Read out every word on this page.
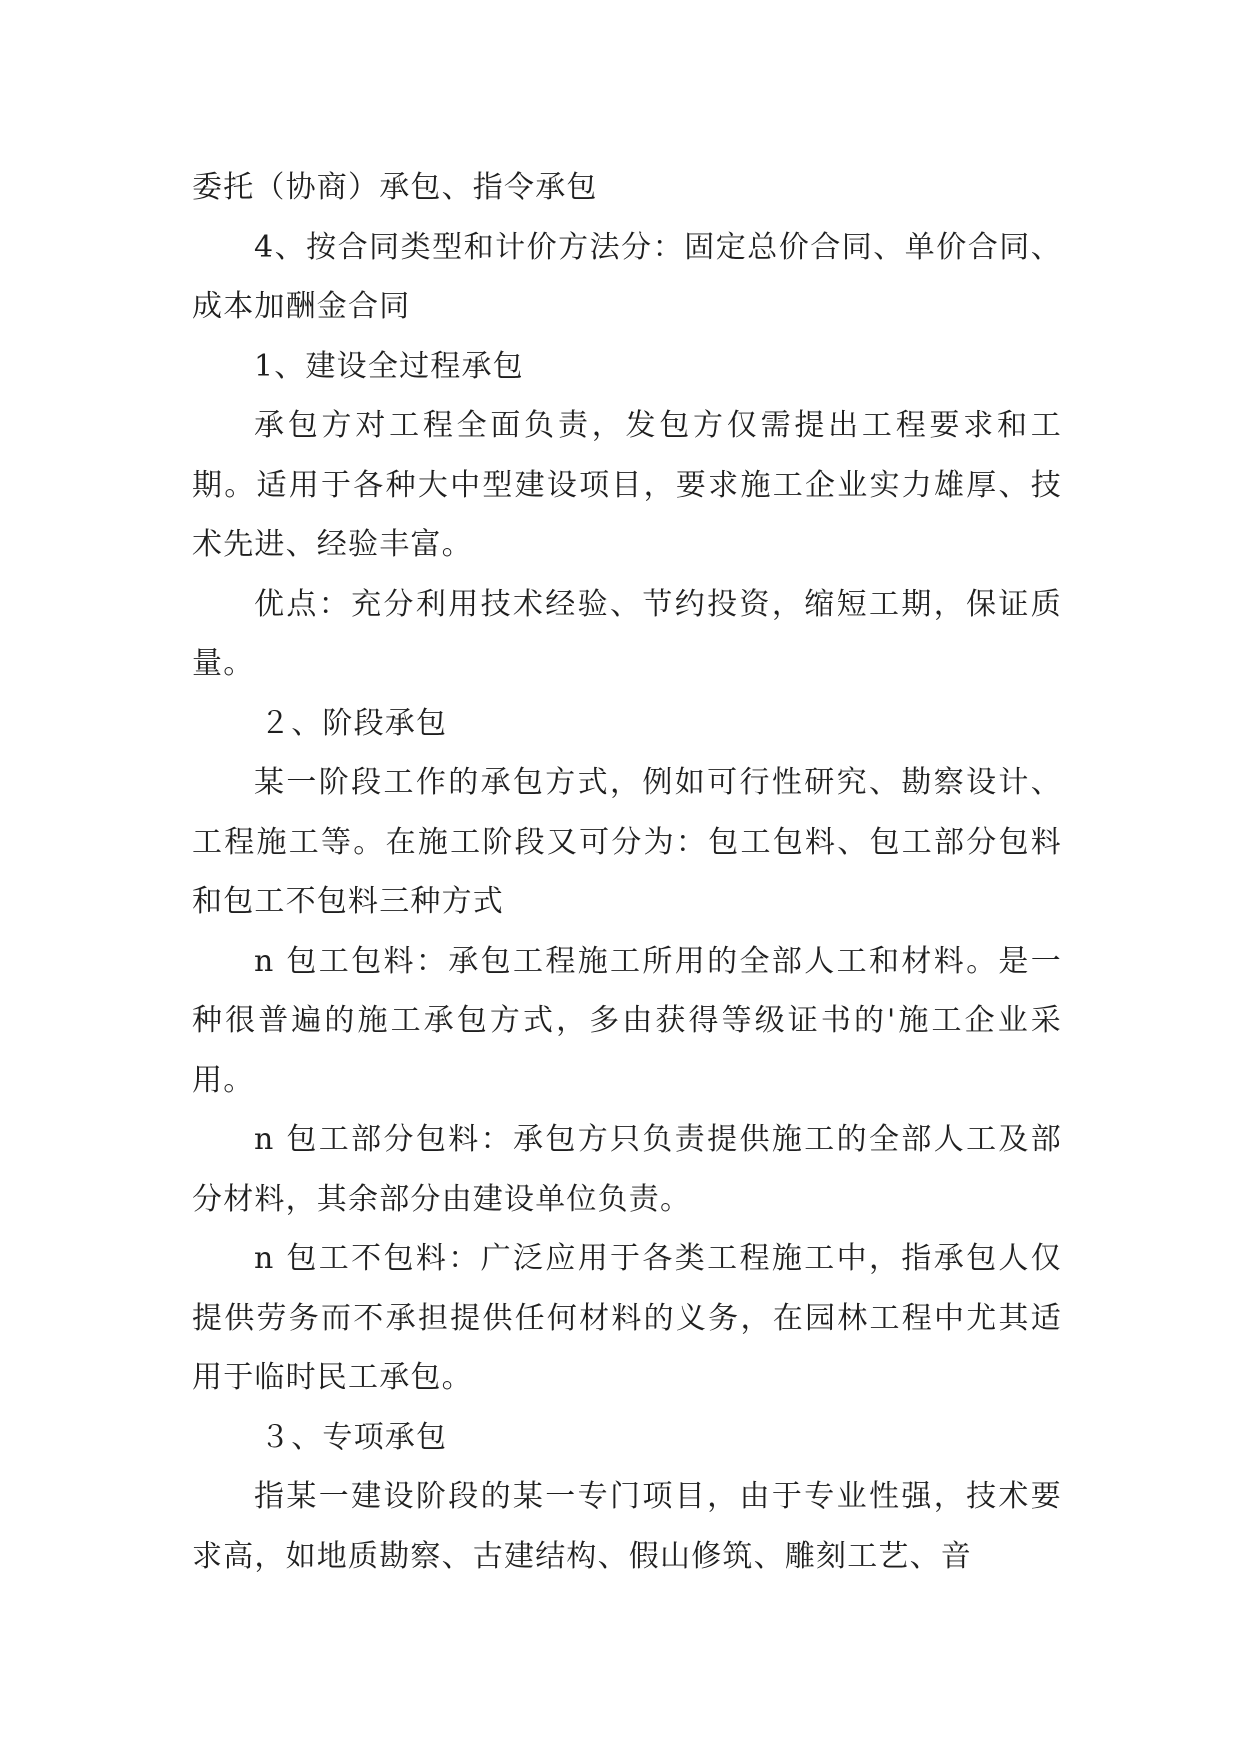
委托（协商）承包、指令承包

4、按合同类型和计价方法分：固定总价合同、单价合同、成本加酬金合同

1、建设全过程承包

承包方对工程全面负责，发包方仅需提出工程要求和工期。适用于各种大中型建设项目，要求施工企业实力雄厚、技术先进、经验丰富。

优点：充分利用技术经验、节约投资，缩短工期，保证质量。

２、阶段承包

某一阶段工作的承包方式，例如可行性研究、勘察设计、工程施工等。在施工阶段又可分为：包工包料、包工部分包料和包工不包料三种方式

n 包工包料：承包工程施工所用的全部人工和材料。是一种很普遍的施工承包方式，多由获得等级证书的'施工企业采用。

n 包工部分包料：承包方只负责提供施工的全部人工及部分材料，其余部分由建设单位负责。

n 包工不包料：广泛应用于各类工程施工中，指承包人仅提供劳务而不承担提供任何材料的义务，在园林工程中尤其适用于临时民工承包。

３、专项承包

指某一建设阶段的某一专门项目，由于专业性强，技术要求高，如地质勘察、古建结构、假山修筑、雕刻工艺、音
